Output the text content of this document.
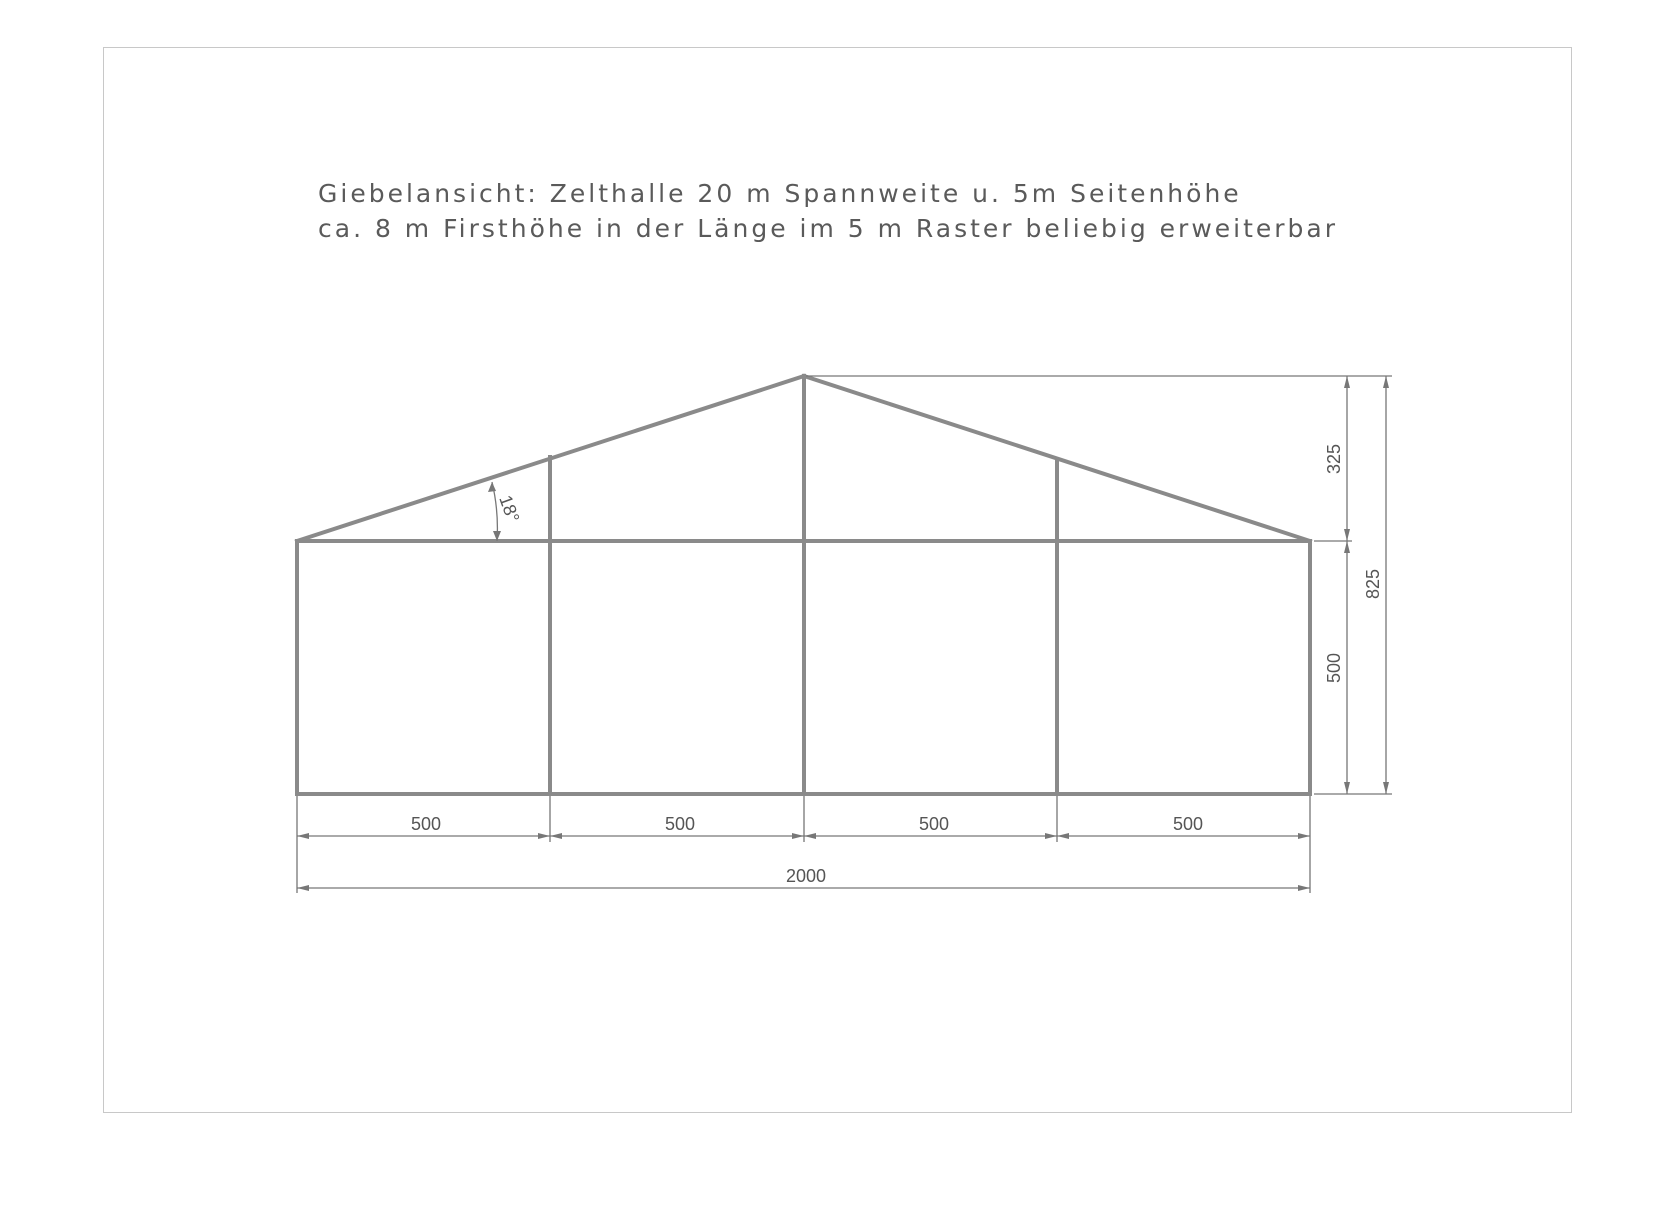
Giebelansicht: Zelthalle 20 m Spannweite u. 5m Seitenhöhe
ca. 8 m Firsthöhe in der Länge im 5 m Raster beliebig erweiterbar
18°
500	500	500	500
2000
325
500
825
